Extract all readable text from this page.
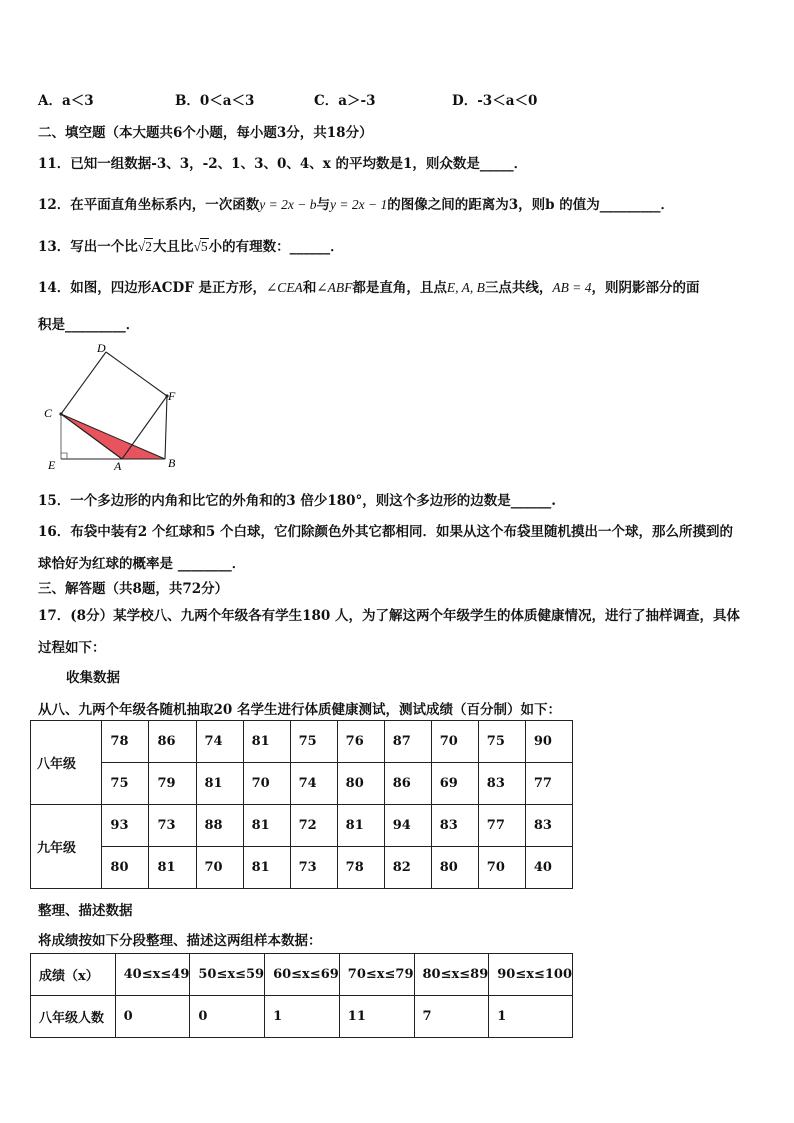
A．a＜3	B．0＜a＜3	C．a＞-3	D．-3＜a＜0
二、填空题（本大题共6个小题，每小题3分，共18分）
11．已知一组数据-3、3，-2、1、3、0、4、x 的平均数是1，则众数是_____．
12．在平面直角坐标系内，一次函数y = 2x − b与y = 2x − 1的图像之间的距离为3，则b 的值为_________．
13．写出一个比√2大且比√5小的有理数：______．
14．如图，四边形ACDF 是正方形，∠CEA和∠ABF都是直角，且点E, A, B三点共线，AB = 4，则阴影部分的面
积是_________．
D
C
F
E	A	B
15．一个多边形的内角和比它的外角和的3 倍少180°，则这个多边形的边数是______.
16．布袋中装有2 个红球和5 个白球，它们除颜色外其它都相同．如果从这个布袋里随机摸出一个球，那么所摸到的
球恰好为红球的概率是 ________．
三、解答题（共8题，共72分）
17．(8分）某学校八、九两个年级各有学生180 人，为了解这两个年级学生的体质健康情况，进行了抽样调查，具体
过程如下：
收集数据
从八、九两个年级各随机抽取20 名学生进行体质健康测试，测试成绩（百分制）如下：
八年级	78	86	74	81	75	76	87	70	75	90
	75	79	81	70	74	80	86	69	83	77
九年级	93	73	88	81	72	81	94	83	77	83
	80	81	70	81	73	78	82	80	70	40
整理、描述数据
将成绩按如下分段整理、描述这两组样本数据：
成绩（x）	40≤x≤49	50≤x≤59	60≤x≤69	70≤x≤79	80≤x≤89	90≤x≤100
八年级人数	0	0	1	11	7	1
